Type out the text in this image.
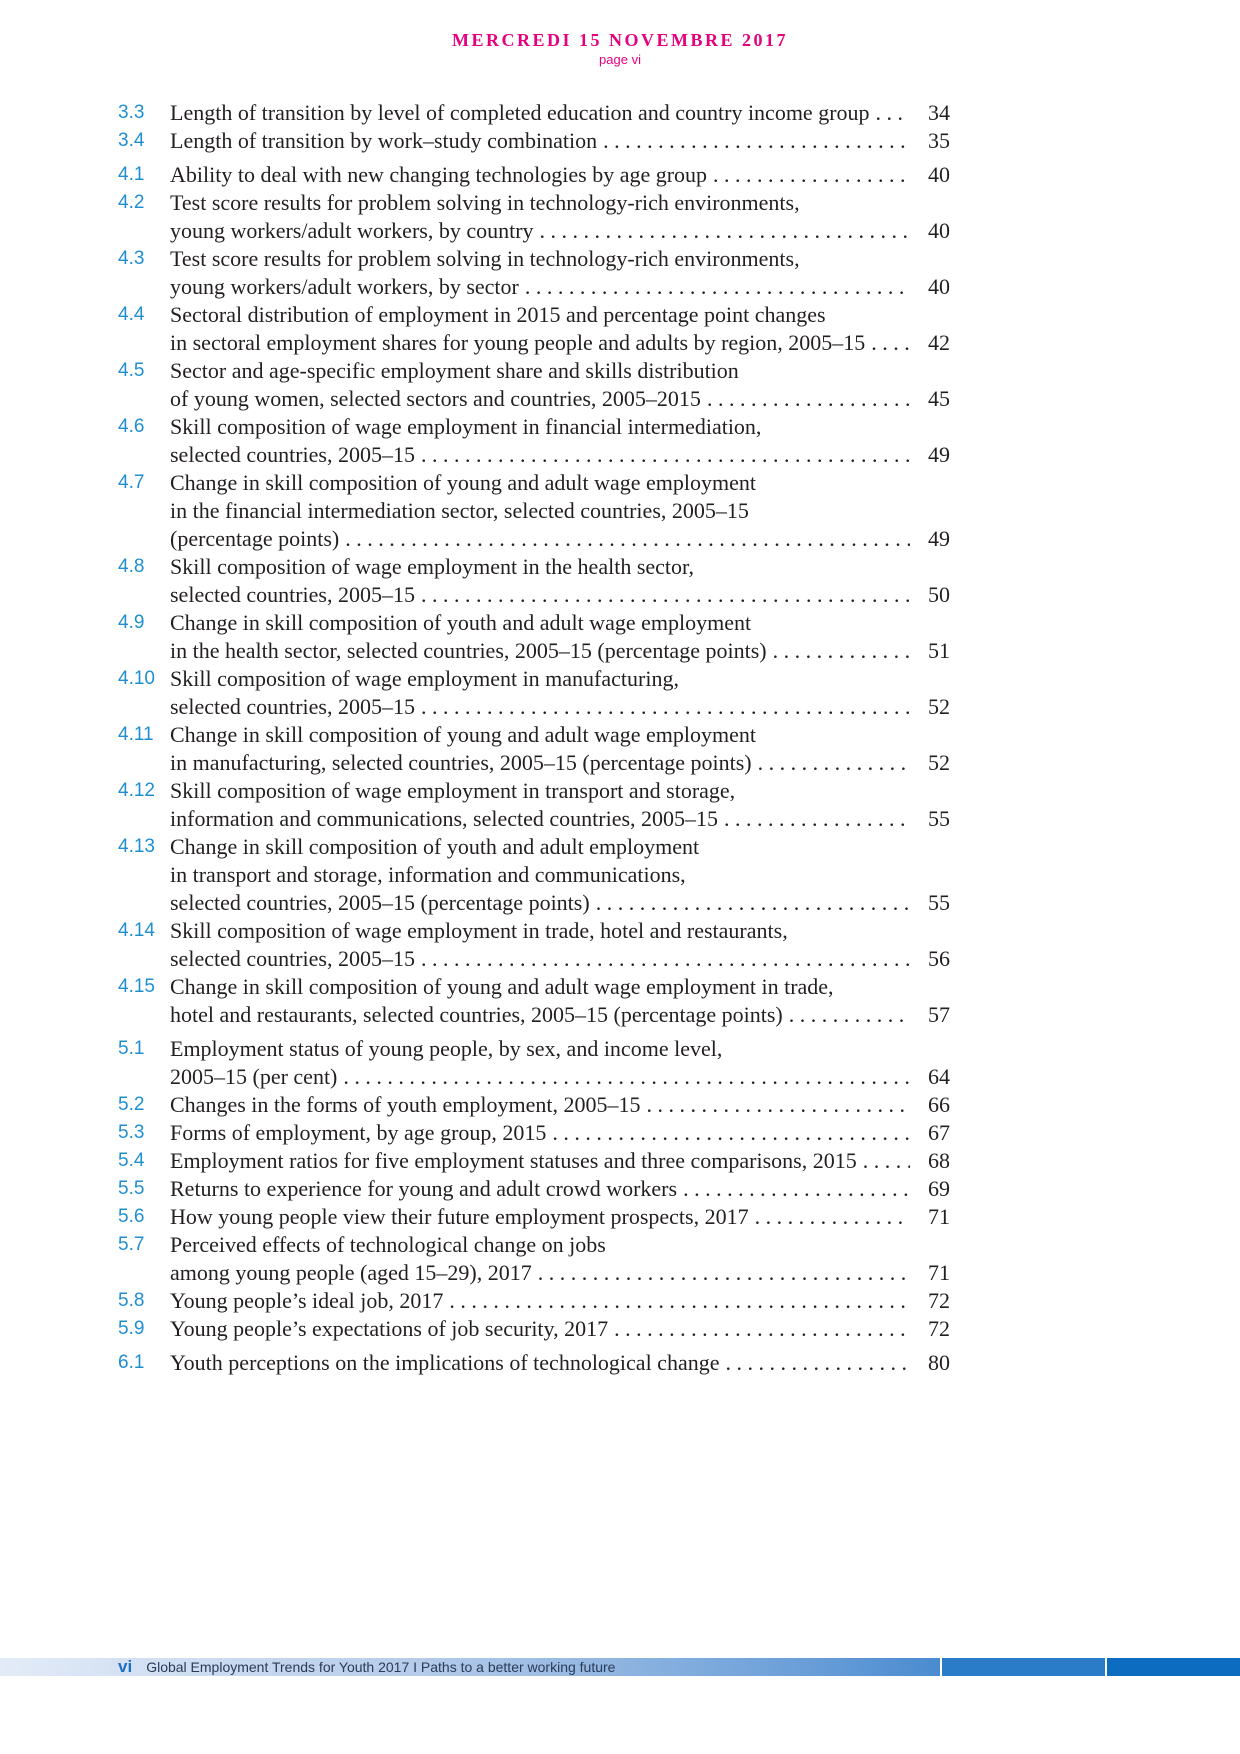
MERCREDI 15 NOVEMBRE 2017
page vi
3.3	Length of transition by level of completed education and country income group . . .	34
3.4	Length of transition by work–study combination . . .	35
4.1	Ability to deal with new changing technologies by age group . . .	40
4.2	Test score results for problem solving in technology-rich environments,
young workers/adult workers, by country . . .	40
4.3	Test score results for problem solving in technology-rich environments,
young workers/adult workers, by sector . . .	40
4.4	Sectoral distribution of employment in 2015 and percentage point changes
in sectoral employment shares for young people and adults by region, 2005–15 . . .	42
4.5	Sector and age-specific employment share and skills distribution
of young women, selected sectors and countries, 2005–2015 . . .	45
4.6	Skill composition of wage employment in financial intermediation,
selected countries, 2005–15 . . .	49
4.7	Change in skill composition of young and adult wage employment
in the financial intermediation sector, selected countries, 2005–15
(percentage points) . . .	49
4.8	Skill composition of wage employment in the health sector,
selected countries, 2005–15 . . .	50
4.9	Change in skill composition of youth and adult wage employment
in the health sector, selected countries, 2005–15 (percentage points) . . .	51
4.10 Skill composition of wage employment in manufacturing,
selected countries, 2005–15 . . .	52
4.11 Change in skill composition of young and adult wage employment
in manufacturing, selected countries, 2005–15 (percentage points) . . .	52
4.12 Skill composition of wage employment in transport and storage,
information and communications, selected countries, 2005–15 . . .	55
4.13 Change in skill composition of youth and adult employment
in transport and storage, information and communications,
selected countries, 2005–15 (percentage points) . . .	55
4.14 Skill composition of wage employment in trade, hotel and restaurants,
selected countries, 2005–15 . . .	56
4.15 Change in skill composition of young and adult wage employment in trade,
hotel and restaurants, selected countries, 2005–15 (percentage points) . . .	57
5.1	Employment status of young people, by sex, and income level,
2005–15 (per cent) . . .	64
5.2	Changes in the forms of youth employment, 2005–15 . . .	66
5.3	Forms of employment, by age group, 2015 . . .	67
5.4	Employment ratios for five employment statuses and three comparisons, 2015 . . .	68
5.5	Returns to experience for young and adult crowd workers . . .	69
5.6	How young people view their future employment prospects, 2017 . . .	71
5.7	Perceived effects of technological change on jobs
among young people (aged 15–29), 2017 . . .	71
5.8	Young people’s ideal job, 2017 . . .	72
5.9	Young people’s expectations of job security, 2017 . . .	72
6.1	Youth perceptions on the implications of technological change . . .	80
vi Global Employment Trends for Youth 2017 I Paths to a better working future
